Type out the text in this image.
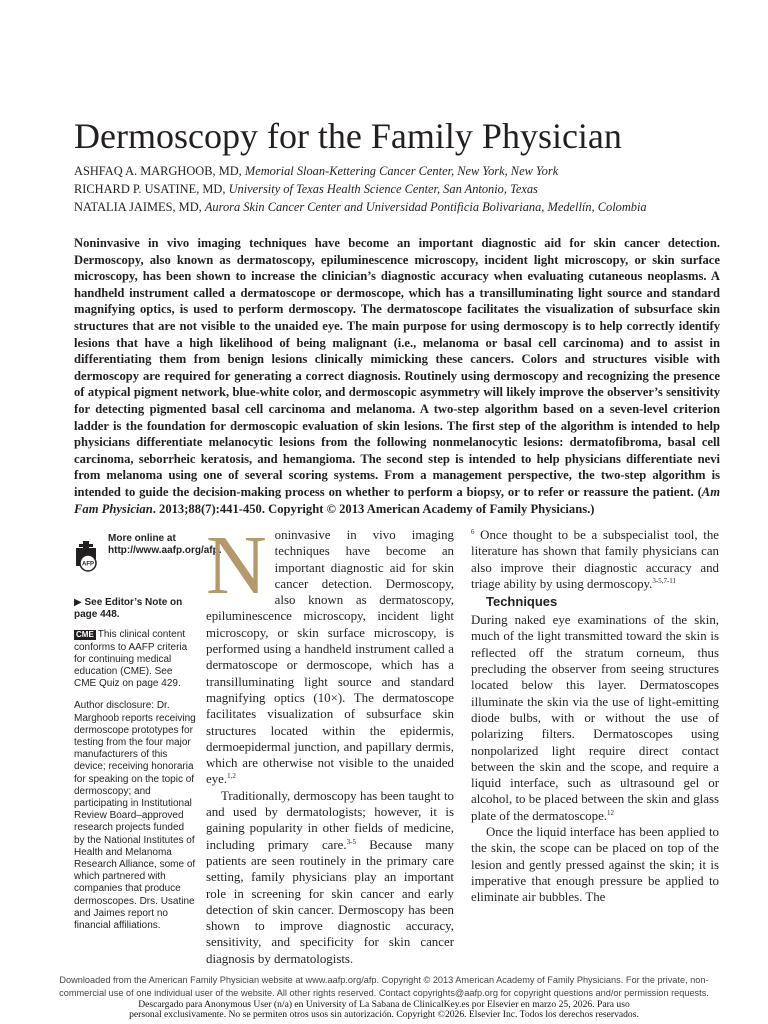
Dermoscopy for the Family Physician
ASHFAQ A. MARGHOOB, MD, Memorial Sloan-Kettering Cancer Center, New York, New York
RICHARD P. USATINE, MD, University of Texas Health Science Center, San Antonio, Texas
NATALIA JAIMES, MD, Aurora Skin Cancer Center and Universidad Pontificia Bolivariana, Medellín, Colombia

Noninvasive in vivo imaging techniques have become an important diagnostic aid for skin cancer detection. Dermoscopy, also known as dermatoscopy, epiluminescence microscopy, incident light microscopy, or skin surface microscopy, has been shown to increase the clinician’s diagnostic accuracy when evaluating cutaneous neoplasms. A handheld instrument called a dermatoscope or dermoscope, which has a transilluminating light source and standard magnifying optics, is used to perform dermoscopy. The dermatoscope facilitates the visualization of subsurface skin structures that are not visible to the unaided eye. The main purpose for using dermoscopy is to help correctly identify lesions that have a high likelihood of being malignant (i.e., melanoma or basal cell carcinoma) and to assist in differentiating them from benign lesions clinically mimicking these cancers. Colors and structures visible with dermoscopy are required for generating a correct diagnosis. Routinely using dermoscopy and recognizing the presence of atypical pigment network, blue-white color, and dermoscopic asymmetry will likely improve the observer’s sensitivity for detecting pigmented basal cell carcinoma and melanoma. A two-step algorithm based on a seven-level criterion ladder is the foundation for dermoscopic evaluation of skin lesions. The first step of the algorithm is intended to help physicians differentiate melanocytic lesions from the following nonmelanocytic lesions: dermatofibroma, basal cell carcinoma, seborrheic keratosis, and hemangioma. The second step is intended to help physicians differentiate nevi from melanoma using one of several scoring systems. From a management perspective, the two-step algorithm is intended to guide the decision-making process on whether to perform a biopsy, or to refer or reassure the patient. (Am Fam Physician. 2013;88(7):441-450. Copyright © 2013 American Academy of Family Physicians.)

AFP
More online at http://www.aafp.org/afp.
▶ See Editor’s Note on page 448.
CME This clinical content conforms to AAFP criteria for continuing medical education (CME). See CME Quiz on page 429.
Author disclosure: Dr. Marghoob reports receiving dermoscope prototypes for testing from the four major manufacturers of this device; receiving honoraria for speaking on the topic of dermoscopy; and participating in Institutional Review Board–approved research projects funded by the National Institutes of Health and Melanoma Research Alliance, some of which partnered with companies that produce dermoscopes. Drs. Usatine and Jaimes report no financial affiliations.

Noninvasive in vivo imaging techniques have become an important diagnostic aid for skin cancer detection. Dermoscopy, also known as dermatoscopy, epiluminescence microscopy, incident light microscopy, or skin surface microscopy, is performed using a handheld instrument called a dermatoscope or dermoscope, which has a transilluminating light source and standard magnifying optics (10×). The dermatoscope facilitates visualization of subsurface skin structures located within the epidermis, dermoepidermal junction, and papillary dermis, which are otherwise not visible to the unaided eye.$^{1,2}$

Traditionally, dermoscopy has been taught to and used by dermatologists; however, it is gaining popularity in other fields of medicine, including primary care.$^{3-5}$ Because many patients are seen routinely in the primary care setting, family physicians play an important role in screening for skin cancer and early detection of skin cancer. Dermoscopy has been shown to improve diagnostic accuracy, sensitivity, and specificity for skin cancer diagnosis by dermatologists.

$^6$ Once thought to be a subspecialist tool, the literature has shown that family physicians can also improve their diagnostic accuracy and triage ability by using dermoscopy.$^{3-5,7-11}$

Techniques

During naked eye examinations of the skin, much of the light transmitted toward the skin is reflected off the stratum corneum, thus precluding the observer from seeing structures located below this layer. Dermatoscopes illuminate the skin via the use of light-emitting diode bulbs, with or without the use of polarizing filters. Dermatoscopes using nonpolarized light require direct contact between the skin and the scope, and require a liquid interface, such as ultrasound gel or alcohol, to be placed between the skin and glass plate of the dermatoscope.$^{12}$

Once the liquid interface has been applied to the skin, the scope can be placed on top of the lesion and gently pressed against the skin; it is imperative that enough pressure be applied to eliminate air bubbles. The

Downloaded from the American Family Physician website at www.aafp.org/afp. Copyright © 2013 American Academy of Family Physicians. For the private, non-
commercial use of one individual user of the website. All other rights reserved. Contact copyrights@aafp.org for copyright questions and/or permission requests.
Descargado para Anonymous User (n/a) en University of La Sabana de ClinicalKey.es por Elsevier en marzo 25, 2026. Para uso
personal exclusivamente. No se permiten otros usos sin autorización. Copyright ©2026. Elsevier Inc. Todos los derechos reservados.
